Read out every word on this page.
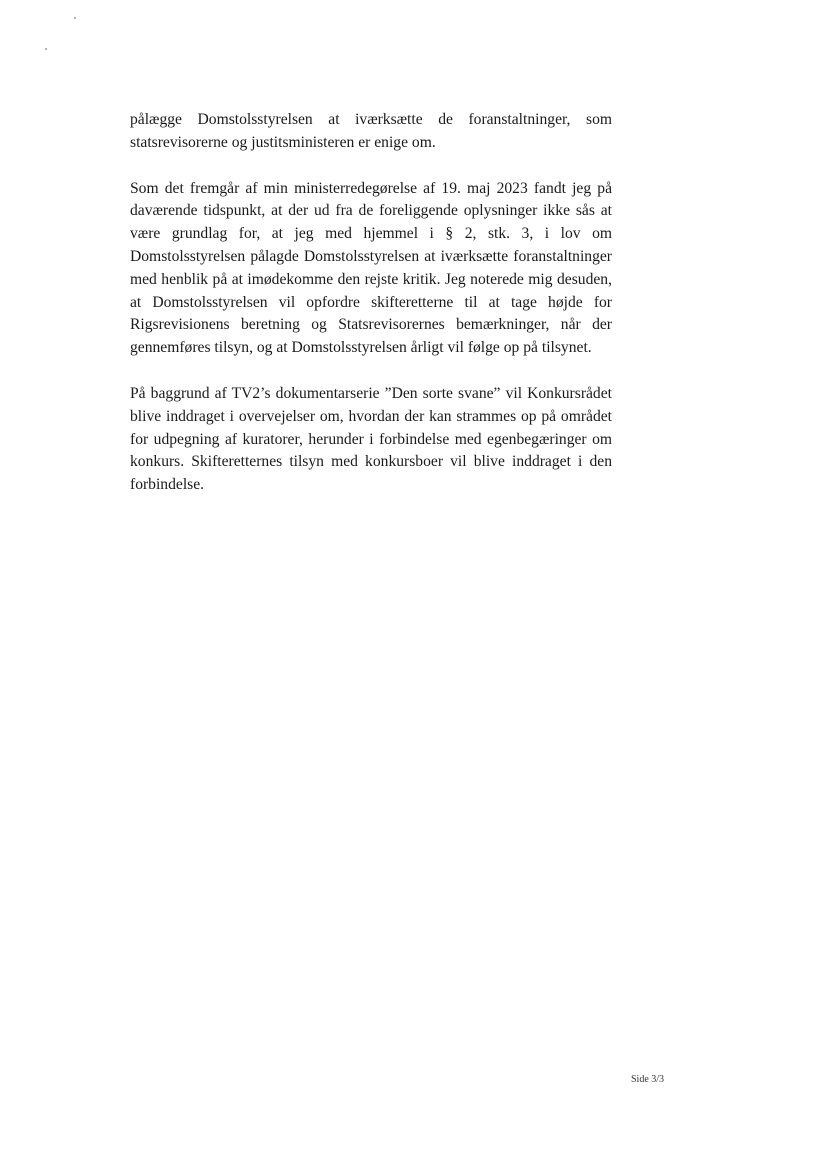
pålægge Domstolsstyrelsen at iværksætte de foranstaltninger, som statsrevisorerne og justitsministeren er enige om.

Som det fremgår af min ministerredegørelse af 19. maj 2023 fandt jeg på daværende tidspunkt, at der ud fra de foreliggende oplysninger ikke sås at være grundlag for, at jeg med hjemmel i § 2, stk. 3, i lov om Domstolsstyrelsen pålagde Domstolsstyrelsen at iværksætte foranstaltninger med henblik på at imødekomme den rejste kritik. Jeg noterede mig desuden, at Domstolsstyrelsen vil opfordre skifteretterne til at tage højde for Rigsrevisionens beretning og Statsrevisorernes bemærkninger, når der gennemføres tilsyn, og at Domstolsstyrelsen årligt vil følge op på tilsynet.

På baggrund af TV2’s dokumentarserie ”Den sorte svane” vil Konkursrådet blive inddraget i overvejelser om, hvordan der kan strammes op på området for udpegning af kuratorer, herunder i forbindelse med egenbegæringer om konkurs. Skifteretternes tilsyn med konkursboer vil blive inddraget i den forbindelse.

Side 3/3
